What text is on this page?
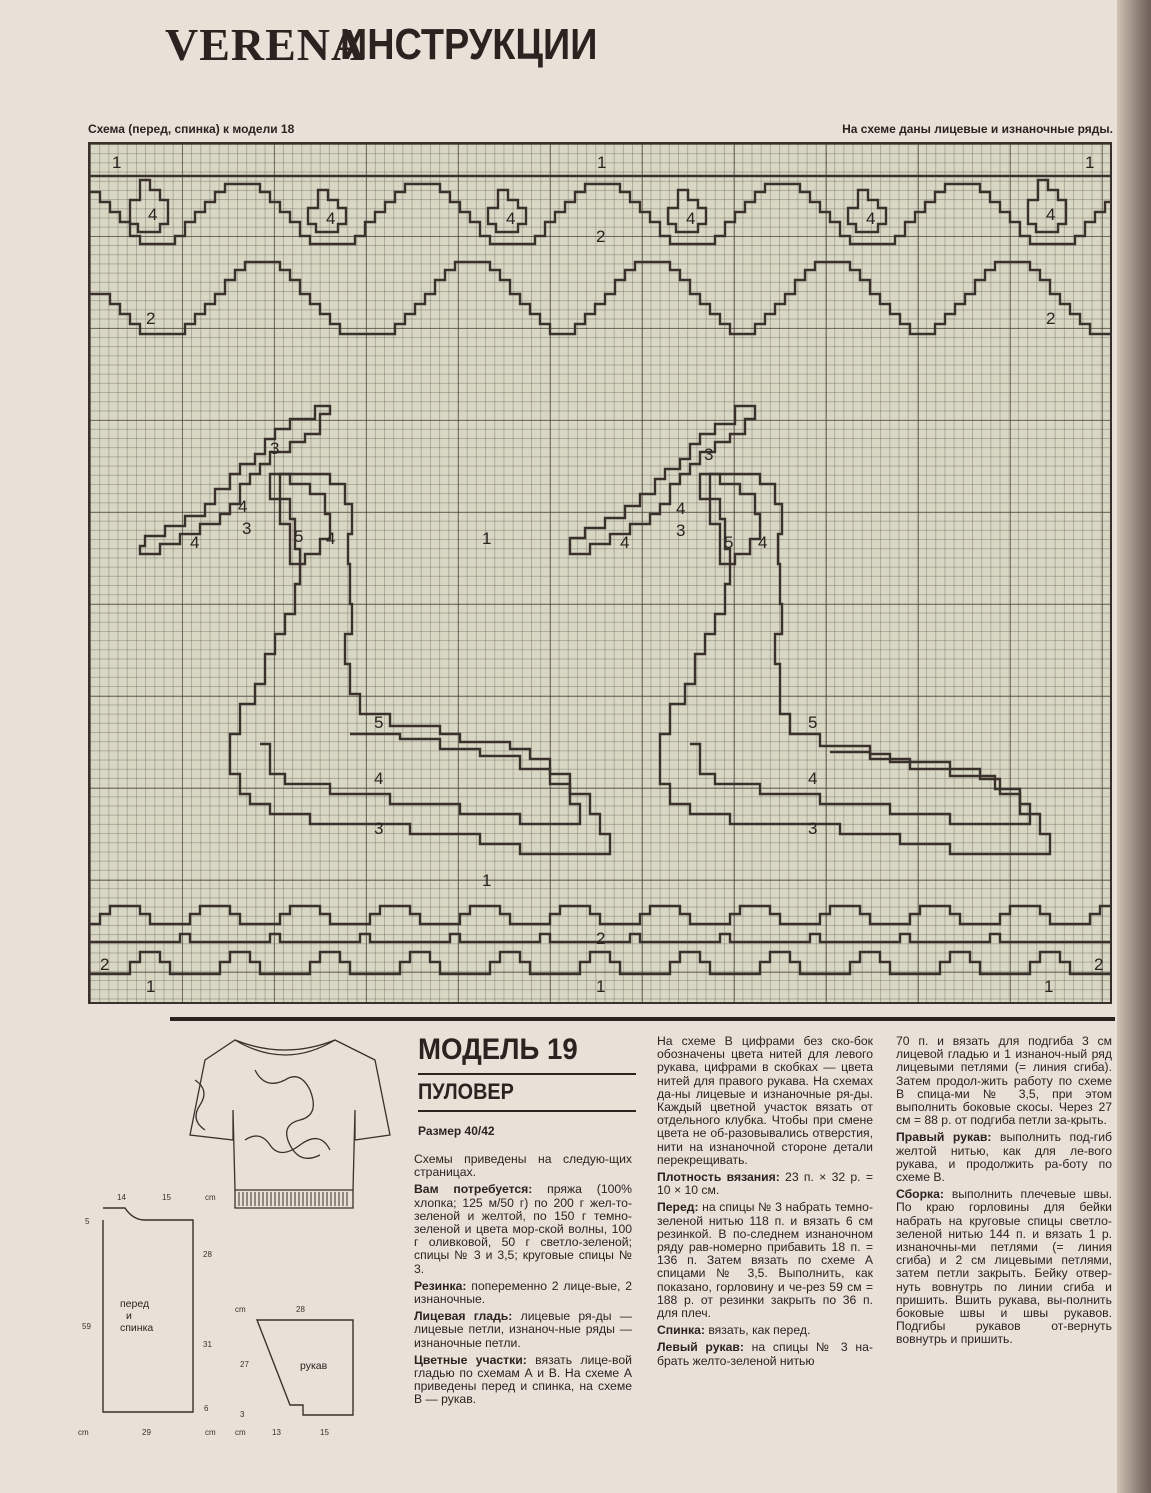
VERENA
ИНСТРУКЦИИ
Схема (перед, спинка) к модели 18	На схеме даны лицевые и изнаночные ряды.
1	1	1
4	4	4	4	4	4
2
2	2
3
4
3
4	5 4	1
3
4
3
4	5 4
5
4
3
5
4
3
1
2
2	2
1	1	1
14	15	cm
5
28
59
31
6
cm	29	cm
cm	28
27
3
cm	13	15
перед
и
спинка
рукав
МОДЕЛЬ 19
ПУЛОВЕР
Размер 40/42

Схемы приведены на следую-щих страницах.

Вам потребуется: пряжа (100% хлопка; 125 м/50 г) по 200 г жел-то-зеленой и желтой, по 150 г темно-зеленой и цвета мор-ской волны, 100 г оливковой, 50 г светло-зеленой; спицы № 3 и 3,5; круговые спицы № 3.

Резинка: попеременно 2 лице-вые, 2 изнаночные.

Лицевая гладь: лицевые ря-ды — лицевые петли, изнаноч-ные ряды — изнаночные петли.

Цветные участки: вязать лице-вой гладью по схемам А и В. На схеме А приведены перед и спинка, на схеме В — рукав.

На схеме В цифрами без ско-бок обозначены цвета нитей для левого рукава, цифрами в скобках — цвета нитей для правого рукава. На схемах да-ны лицевые и изнаночные ря-ды. Каждый цветной участок вязать от отдельного клубка. Чтобы при смене цвета не об-разовывались отверстия, нити на изнаночной стороне детали перекрещивать.

Плотность вязания: 23 п. × 32 р. = 10 × 10 см.

Перед: на спицы № 3 набрать темно-зеленой нитью 118 п. и вязать 6 см резинкой. В по-следнем изнаночном ряду рав-номерно прибавить 18 п. = 136 п. Затем вязать по схеме А спицами № 3,5. Выполнить, как показано, горловину и че-рез 59 см = 188 р. от резинки закрыть по 36 п. для плеч.

Спинка: вязать, как перед.

Левый рукав: на спицы № 3 на-брать желто-зеленой нитью

70 п. и вязать для подгиба 3 см лицевой гладью и 1 изнаноч-ный ряд лицевыми петлями (= линия сгиба). Затем продол-жить работу по схеме В спица-ми № 3,5, при этом выполнить боковые скосы. Через 27 см = 88 р. от подгиба петли за-крыть.

Правый рукав: выполнить под-гиб желтой нитью, как для ле-вого рукава, и продолжить ра-боту по схеме В.

Сборка: выполнить плечевые швы. По краю горловины для бейки набрать на круговые спицы светло-зеленой нитью 144 п. и вязать 1 р. изнаночны-ми петлями (= линия сгиба) и 2 см лицевыми петлями, затем петли закрыть. Бейку отвер-нуть вовнутрь по линии сгиба и пришить. Вшить рукава, вы-полнить боковые швы и швы рукавов. Подгибы рукавов от-вернуть вовнутрь и пришить.
